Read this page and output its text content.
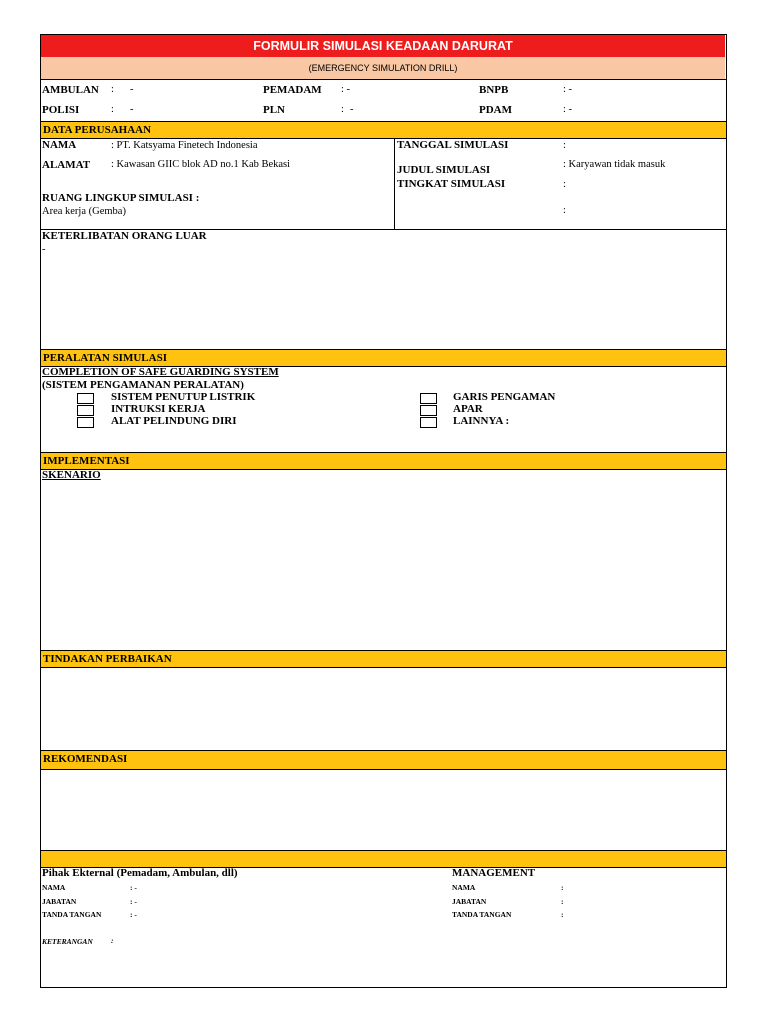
FORMULIR SIMULASI KEADAAN DARURAT
(EMERGENCY SIMULATION DRILL)
AMBULAN : -	PEMADAM : -	BNPB	: -
POLISI	: -	PLN	: -	PDAM	: -
DATA PERUSAHAAN
NAMA	: PT. Katsyama Finetech Indonesia
ALAMAT : Kawasan GIIC blok AD no.1 Kab Bekasi
RUANG LINGKUP SIMULASI :
Area kerja (Gemba)
TANGGAL SIMULASI	:
JUDUL SIMULASI	: Karyawan tidak masuk
TINGKAT SIMULASI	:
:
KETERLIBATAN ORANG LUAR
-
PERALATAN SIMULASI
COMPLETION OF SAFE GUARDING SYSTEM
(SISTEM PENGAMANAN PERALATAN)
SISTEM PENUTUP LISTRIK
INTRUKSI KERJA
ALAT PELINDUNG DIRI
GARIS PENGAMAN
APAR
LAINNYA :
IMPLEMENTASI
SKENARIO
TINDAKAN PERBAIKAN
REKOMENDASI
Pihak Ekternal (Pemadam, Ambulan, dll)
NAMA	: -
JABATAN	: -
TANDA TANGAN	: -
MANAGEMENT
NAMA	:
JABATAN	:
TANDA TANGAN	:
KETERANGAN :
